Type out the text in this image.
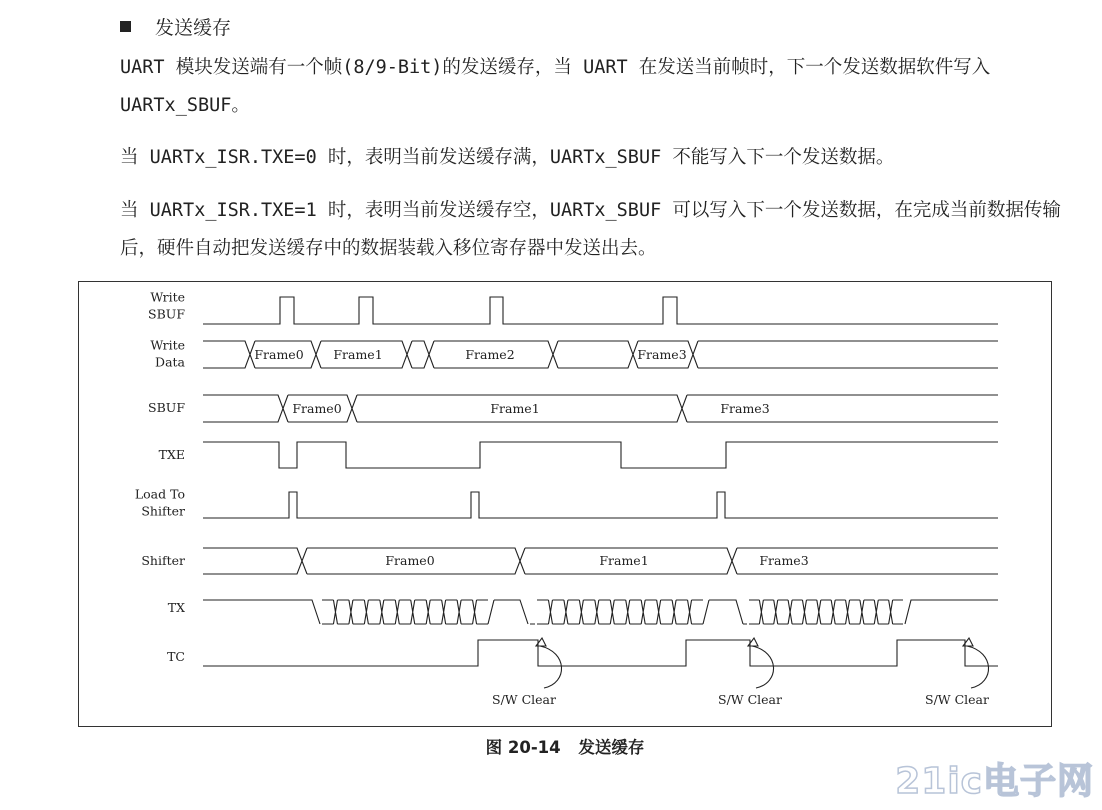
发送缓存

UART 模块发送端有一个帧(8/9-Bit)的发送缓存，当 UART 在发送当前帧时，下一个发送数据软件写入 UARTx_SBUF。

当 UARTx_ISR.TXE=0 时，表明当前发送缓存满，UARTx_SBUF 不能写入下一个发送数据。

当 UARTx_ISR.TXE=1 时，表明当前发送缓存空，UARTx_SBUF 可以写入下一个发送数据，在完成当前数据传输后，硬件自动把发送缓存中的数据装载入移位寄存器中发送出去。

Write
SBUF
Write
Data	Frame0 Frame1	Frame2	Frame3
SBUF	Frame0	Frame1	Frame3
TXE
Load To
Shifter
Shifter	Frame0	Frame1	Frame3
TX
TC
S/W Clear	S/W Clear	S/W Clear
图 20-14 发送缓存
21ic电子网
